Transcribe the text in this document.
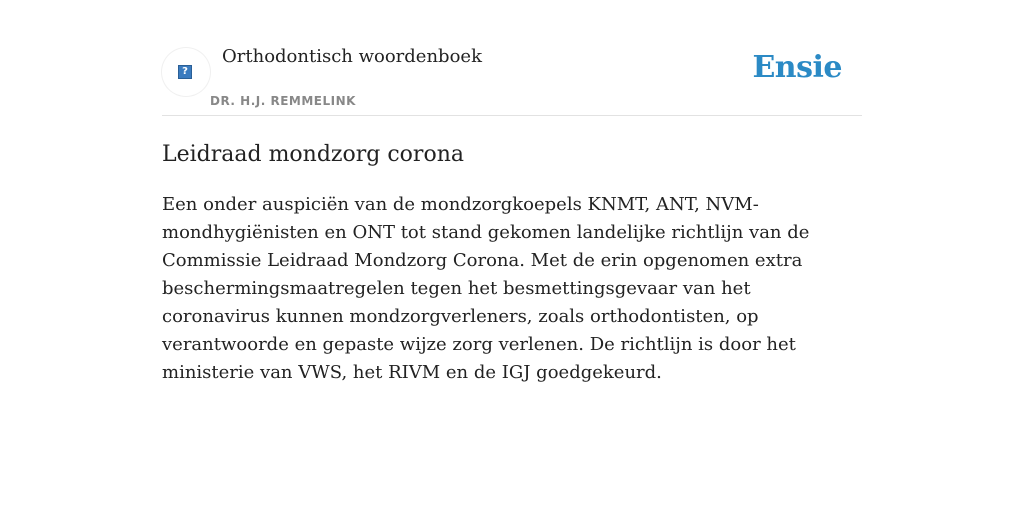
?
Orthodontisch woordenboek
DR. H.J. REMMELINK
Ensie
Leidraad mondzorg corona

Een onder auspiciën van de mondzorgkoepels KNMT, ANT, NVM-mondhygiënisten en ONT tot stand gekomen landelijke richtlijn van de Commissie Leidraad Mondzorg Corona. Met de erin opgenomen extra beschermingsmaatregelen tegen het besmettingsgevaar van het coronavirus kunnen mondzorgverleners, zoals orthodontisten, op verantwoorde en gepaste wijze zorg verlenen. De richtlijn is door het ministerie van VWS, het RIVM en de IGJ goedgekeurd.
